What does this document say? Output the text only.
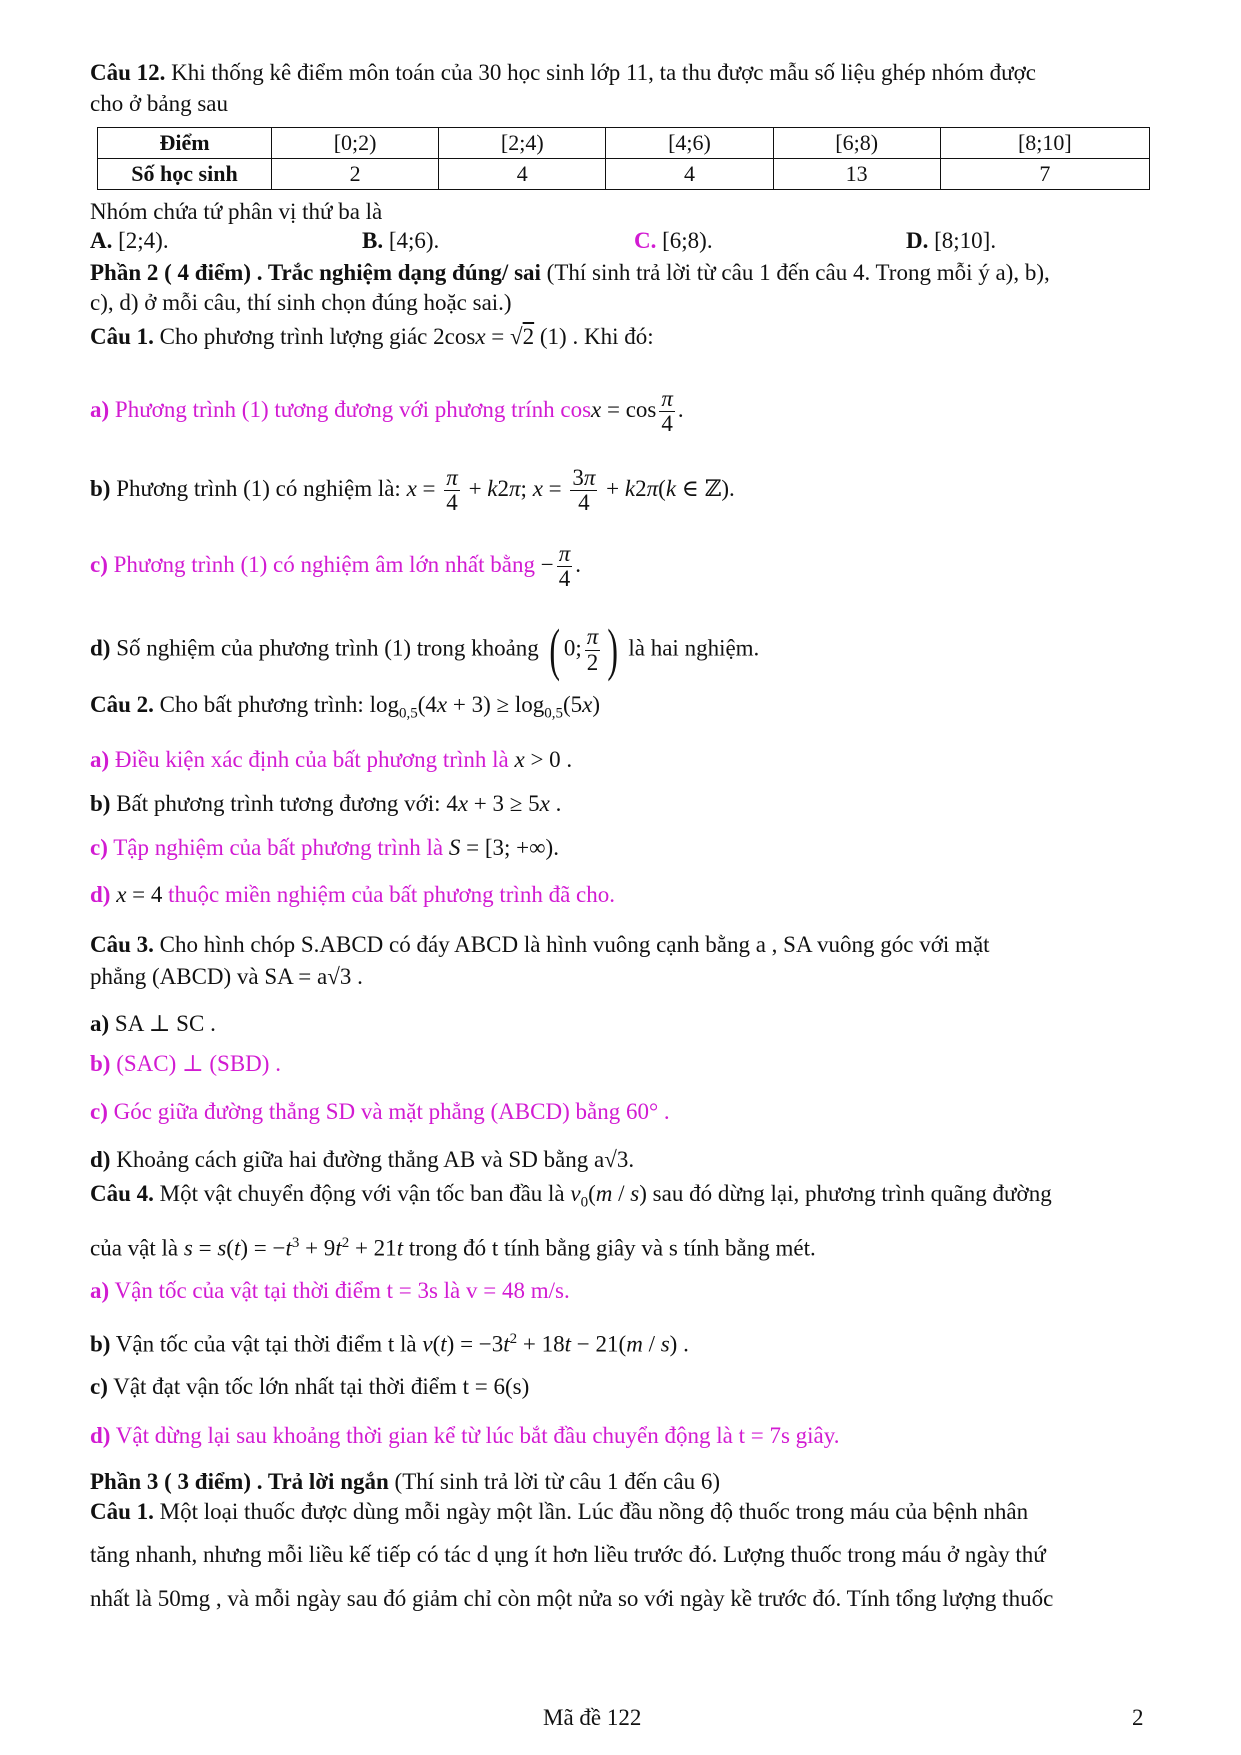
Câu 12. Khi thống kê điểm môn toán của 30 học sinh lớp 11, ta thu được mẫu số liệu ghép nhóm được
cho ở bảng sau
Điểm	[0;2)	[2;4)	[4;6)	[6;8)	[8;10]
Số học sinh	2	4	4	13	7
Nhóm chứa tứ phân vị thứ ba là
A. [2;4).	B. [4;6).	C. [6;8).	D. [8;10].
Phần 2 ( 4 điểm) . Trắc nghiệm dạng đúng/ sai (Thí sinh trả lời từ câu 1 đến câu 4. Trong mỗi ý a), b),
c), d) ở mỗi câu, thí sinh chọn đúng hoặc sai.)
Câu 1. Cho phương trình lượng giác 2cosx = √2 (1) . Khi đó:
a) Phương trình (1) tương đương với phương trính $\cos x = \cos \frac{\pi}{4}$ .
b) Phương trình (1) có nghiệm là: $x = \frac{\pi}{4} + k2\pi$; $x = \frac{3\pi}{4} + k2\pi(k$ ∈ ℤ).
c) Phương trình (1) có nghiệm âm lớn nhất bằng − $\frac{\pi}{4}$ .
d) Số nghiệm của phương trình (1) trong khoảng ( 0; $\frac{\pi}{2}$ ) là hai nghiệm.
Câu 2. Cho bất phương trình: $\log_{0,5}(4x + 3) \ge \log_{0,5}(5x)$
a) Điều kiện xác định của bất phương trình là x > 0 .
b) Bất phương trình tương đương với: 4x + 3 ≥ 5x .
c) Tập nghiệm của bất phương trình là S = [3; +∞).
d) x = 4 thuộc miền nghiệm của bất phương trình đã cho.
Câu 3. Cho hình chóp S.ABCD có đáy ABCD là hình vuông cạnh bằng a , SA vuông góc với mặt
phẳng (ABCD) và SA = a√3 .
a) SA ⊥ SC .
b) (SAC) ⊥ (SBD) .
c) Góc giữa đường thẳng SD và mặt phẳng (ABCD) bằng 60° .
d) Khoảng cách giữa hai đường thẳng AB và SD bằng a√3.
Câu 4. Một vật chuyển động với vận tốc ban đầu là $v_0(m / s)$ sau đó dừng lại, phương trình quãng đường
của vật là $s = s(t) = -t^3 + 9t^2 + 21t$ trong đó t tính bằng giây và s tính bằng mét.
a) Vận tốc của vật tại thời điểm t = 3s là v = 48 m/s.
b) Vận tốc của vật tại thời điểm t là $v(t) = -3t^2 + 18t - 21(m / s)$ .
c) Vật đạt vận tốc lớn nhất tại thời điểm t = 6(s)
d) Vật dừng lại sau khoảng thời gian kể từ lúc bắt đầu chuyển động là t = 7s giây.
Phần 3 ( 3 điểm) . Trả lời ngắn (Thí sinh trả lời từ câu 1 đến câu 6)
Câu 1. Một loại thuốc được dùng mỗi ngày một lần. Lúc đầu nồng độ thuốc trong máu của bệnh nhân
tăng nhanh, nhưng mỗi liều kế tiếp có tác d ụng ít hơn liều trước đó. Lượng thuốc trong máu ở ngày thứ
nhất là 50mg , và mỗi ngày sau đó giảm chỉ còn một nửa so với ngày kề trước đó. Tính tổng lượng thuốc
Mã đề 122	2
